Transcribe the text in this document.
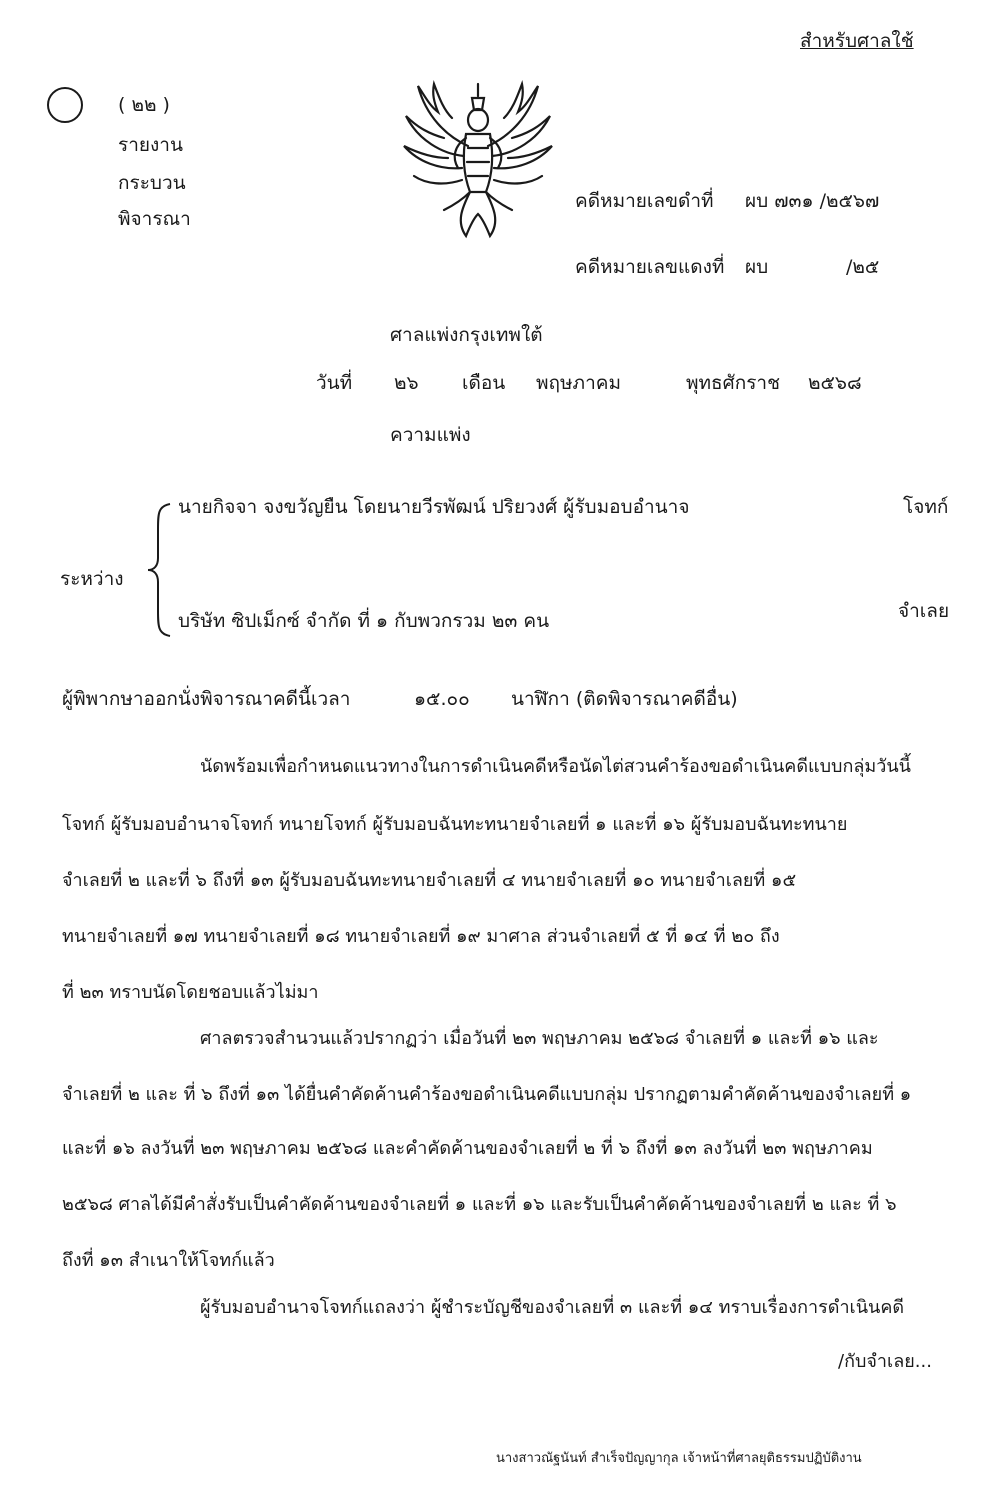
สำหรับศาลใช้
( ๒๒ )
รายงาน
กระบวน
พิจารณา
คดีหมายเลขดำที่ ผบ ๗๓๑ /๒๕๖๗
คดีหมายเลขแดงที่ ผบ	/๒๕
ศาลแพ่งกรุงเทพใต้
วันที่ ๒๖ เดือน พฤษภาคม	พุทธศักราช ๒๕๖๘
ความแพ่ง
ระหว่าง
นายกิจจา จงขวัญยืน โดยนายวีรพัฒน์ ปริยวงศ์ ผู้รับมอบอำนาจ	โจทก์
บริษัท ซิปเม็กซ์ จำกัด ที่ ๑ กับพวกรวม ๒๓ คน	จำเลย
ผู้พิพากษาออกนั่งพิจารณาคดีนี้เวลา	๑๕.๐๐ นาฬิกา (ติดพิจารณาคดีอื่น)
นัดพร้อมเพื่อกำหนดแนวทางในการดำเนินคดีหรือนัดไต่สวนคำร้องขอดำเนินคดีแบบกลุ่มวันนี้
โจทก์ ผู้รับมอบอำนาจโจทก์ ทนายโจทก์ ผู้รับมอบฉันทะทนายจำเลยที่ ๑ และที่ ๑๖ ผู้รับมอบฉันทะทนาย
จำเลยที่ ๒ และที่ ๖ ถึงที่ ๑๓ ผู้รับมอบฉันทะทนายจำเลยที่ ๔ ทนายจำเลยที่ ๑๐ ทนายจำเลยที่ ๑๕
ทนายจำเลยที่ ๑๗ ทนายจำเลยที่ ๑๘ ทนายจำเลยที่ ๑๙ มาศาล ส่วนจำเลยที่ ๕ ที่ ๑๔ ที่ ๒๐ ถึง
ที่ ๒๓ ทราบนัดโดยชอบแล้วไม่มา
ศาลตรวจสำนวนแล้วปรากฏว่า เมื่อวันที่ ๒๓ พฤษภาคม ๒๕๖๘ จำเลยที่ ๑ และที่ ๑๖ และ
จำเลยที่ ๒ และ ที่ ๖ ถึงที่ ๑๓ ได้ยื่นคำคัดค้านคำร้องขอดำเนินคดีแบบกลุ่ม ปรากฏตามคำคัดค้านของจำเลยที่ ๑
และที่ ๑๖ ลงวันที่ ๒๓ พฤษภาคม ๒๕๖๘ และคำคัดค้านของจำเลยที่ ๒ ที่ ๖ ถึงที่ ๑๓ ลงวันที่ ๒๓ พฤษภาคม
๒๕๖๘ ศาลได้มีคำสั่งรับเป็นคำคัดค้านของจำเลยที่ ๑ และที่ ๑๖ และรับเป็นคำคัดค้านของจำเลยที่ ๒ และ ที่ ๖
ถึงที่ ๑๓ สำเนาให้โจทก์แล้ว
ผู้รับมอบอำนาจโจทก์แถลงว่า ผู้ชำระบัญชีของจำเลยที่ ๓ และที่ ๑๔ ทราบเรื่องการดำเนินคดี
/กับจำเลย...
นางสาวณัฐนันท์ สำเร็จปัญญากุล เจ้าหน้าที่ศาลยุติธรรมปฏิบัติงาน
